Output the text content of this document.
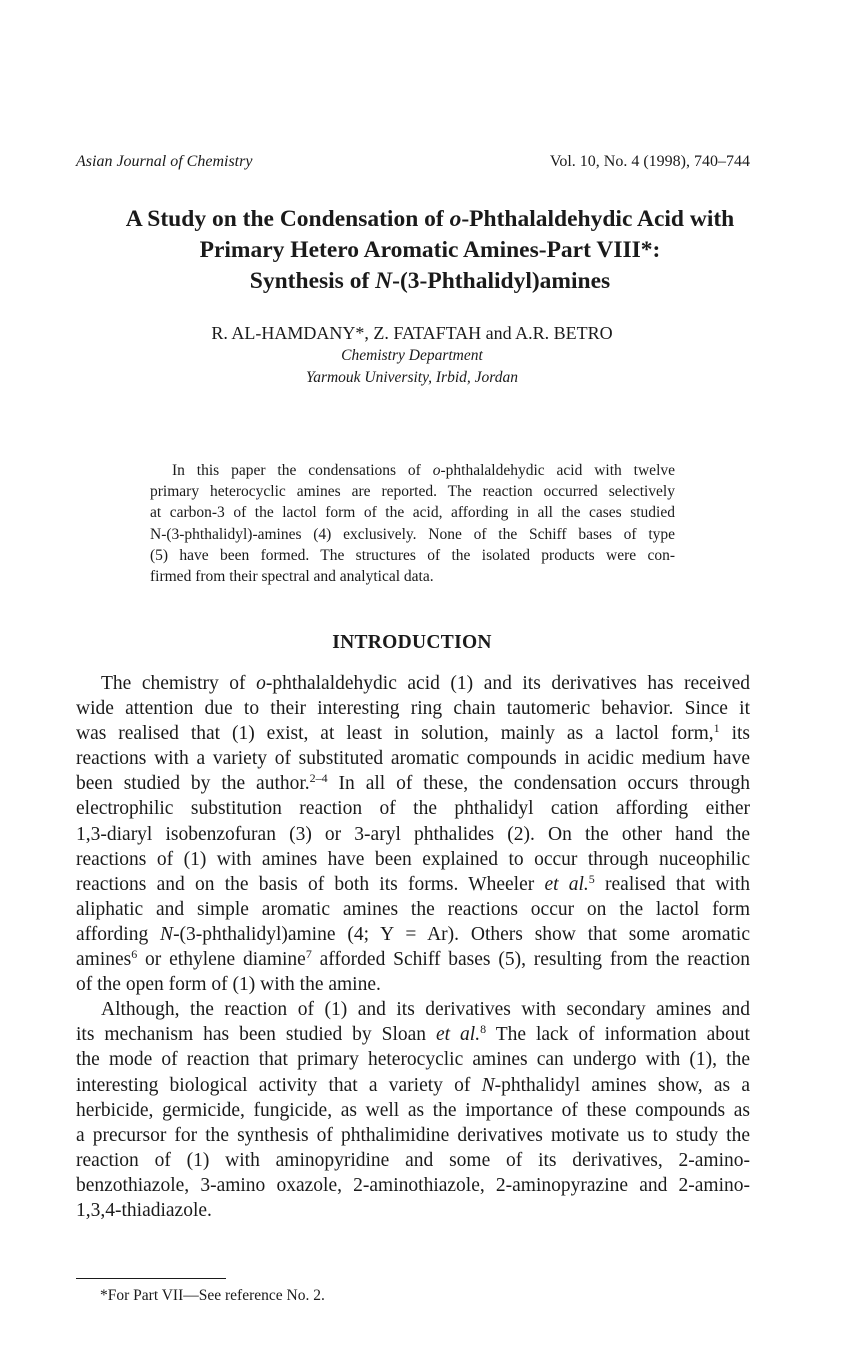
Asian Journal of Chemistry	Vol. 10, No. 4 (1998), 740–744
A Study on the Condensation of o-Phthalaldehydic Acid with
Primary Hetero Aromatic Amines-Part VIII*:
Synthesis of N-(3-Phthalidyl)amines
R. AL-HAMDANY*, Z. FATAFTAH and A.R. BETRO
Chemistry Department
Yarmouk University, Irbid, Jordan
In this paper the condensations of o-phthalaldehydic acid with twelve
primary heterocyclic amines are reported. The reaction occurred selectively
at carbon-3 of the lactol form of the acid, affording in all the cases studied
N-(3-phthalidyl)-amines (4) exclusively. None of the Schiff bases of type
(5) have been formed. The structures of the isolated products were con-
firmed from their spectral and analytical data.
INTRODUCTION
The chemistry of o-phthalaldehydic acid (1) and its derivatives has received
wide attention due to their interesting ring chain tautomeric behavior. Since it
was realised that (1) exist, at least in solution, mainly as a lactol form,$^1$ its
reactions with a variety of substituted aromatic compounds in acidic medium have
been studied by the author.$^{2-4}$ In all of these, the condensation occurs through
electrophilic substitution reaction of the phthalidyl cation affording either
1,3-diaryl isobenzofuran (3) or 3-aryl phthalides (2). On the other hand the
reactions of (1) with amines have been explained to occur through nuceophilic
reactions and on the basis of both its forms. Wheeler et al.$^5$ realised that with
aliphatic and simple aromatic amines the reactions occur on the lactol form
affording N-(3-phthalidyl)amine (4; Y = Ar). Others show that some aromatic
amines$^6$ or ethylene diamine$^7$ afforded Schiff bases (5), resulting from the reaction
of the open form of (1) with the amine.
Although, the reaction of (1) and its derivatives with secondary amines and
its mechanism has been studied by Sloan et al.$^8$ The lack of information about
the mode of reaction that primary heterocyclic amines can undergo with (1), the
interesting biological activity that a variety of N-phthalidyl amines show, as a
herbicide, germicide, fungicide, as well as the importance of these compounds as
a precursor for the synthesis of phthalimidine derivatives motivate us to study the
reaction of (1) with aminopyridine and some of its derivatives, 2-amino-
benzothiazole, 3-amino oxazole, 2-aminothiazole, 2-aminopyrazine and 2-amino-
1,3,4-thiadiazole.
*For Part VII—See reference No. 2.
